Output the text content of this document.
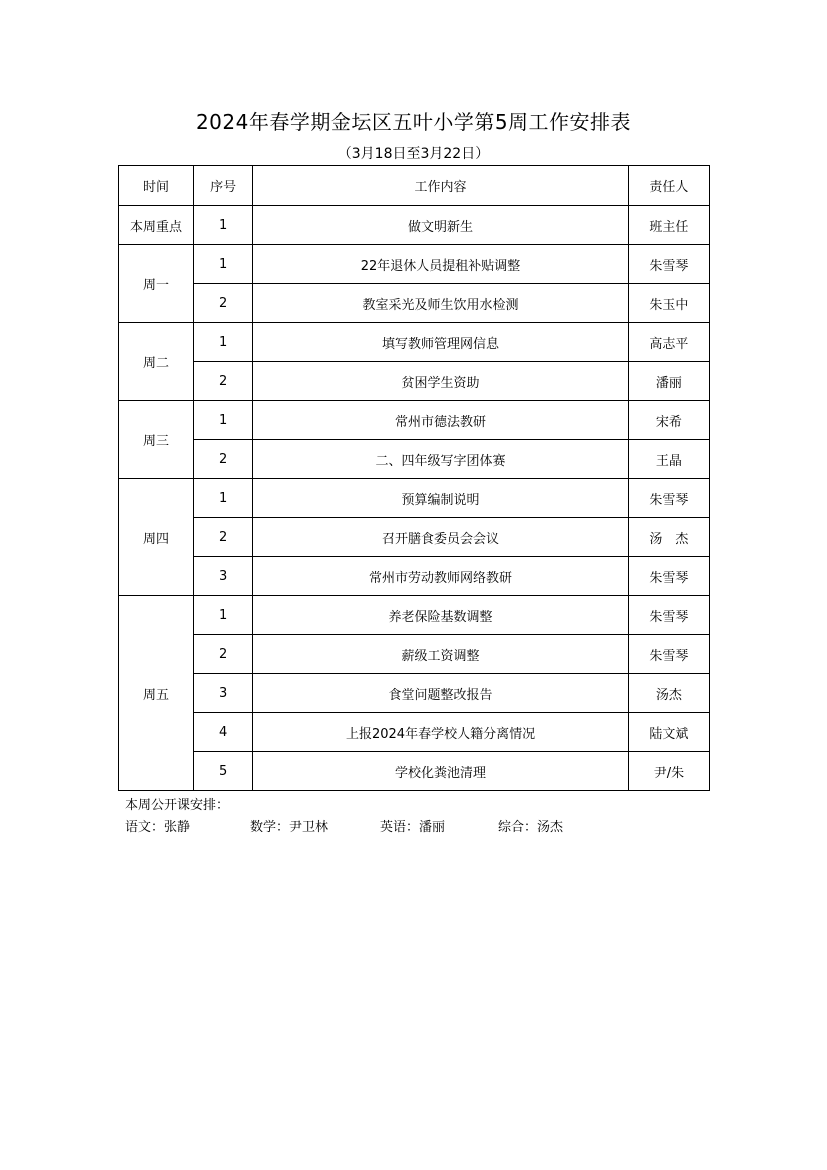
2024年春学期金坛区五叶小学第5周工作安排表
（3月18日至3月22日）
时间	序号	工作内容	责任人
本周重点	1	做文明新生	班主任
周一	1	22年退休人员提租补贴调整	朱雪琴
	2	教室采光及师生饮用水检测	朱玉中
周二	1	填写教师管理网信息	高志平
	2	贫困学生资助	潘丽
周三	1	常州市德法教研	宋希
	2	二、四年级写字团体赛	王晶
周四	1	预算编制说明	朱雪琴
	2	召开膳食委员会会议	汤　杰
	3	常州市劳动教师网络教研	朱雪琴
周五	1	养老保险基数调整	朱雪琴
	2	薪级工资调整	朱雪琴
	3	食堂问题整改报告	汤杰
	4	上报2024年春学校人籍分离情况	陆文斌
	5	学校化粪池清理	尹/朱
本周公开课安排：
语文：张静	数学：尹卫林	英语：潘丽	综合：汤杰
